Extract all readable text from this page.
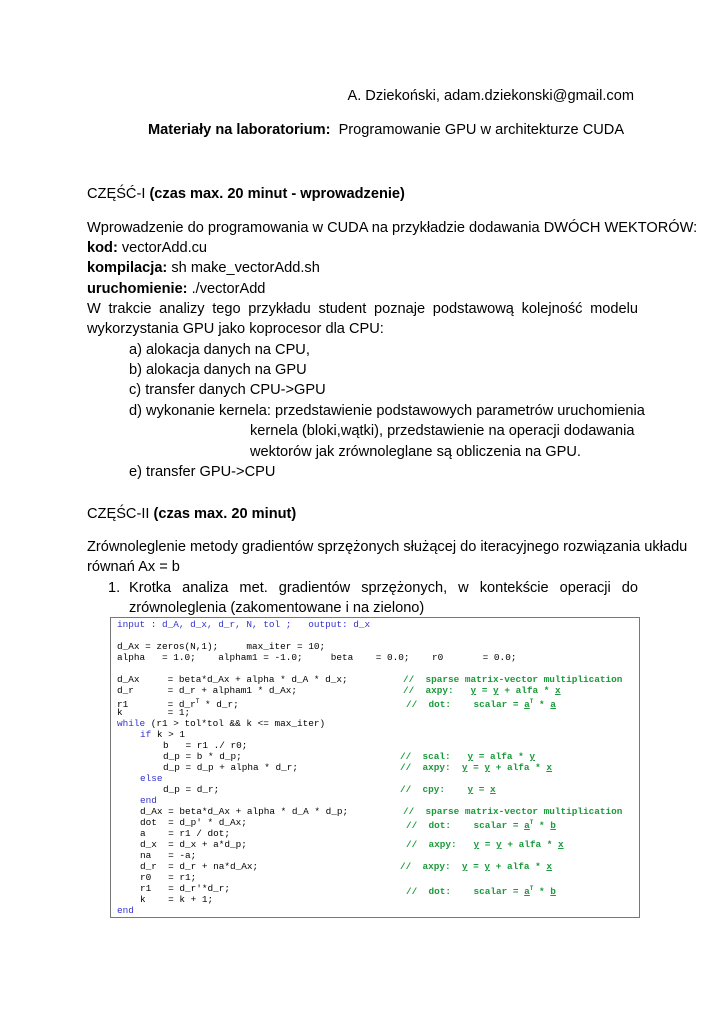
A. Dziekoński, adam.dziekonski@gmail.com
Materiały na laboratorium: Programowanie GPU w architekturze CUDA
CZĘŚĆ-I (czas max. 20 minut - wprowadzenie)
Wprowadzenie do programowania w CUDA na przykładzie dodawania DWÓCH WEKTORÓW:
kod: vectorAdd.cu
kompilacja: sh make_vectorAdd.sh
uruchomienie: ./vectorAdd
W trakcie analizy tego przykładu student poznaje podstawową kolejność modelu
wykorzystania GPU jako koprocesor dla CPU:
a) alokacja danych na CPU,
b) alokacja danych na GPU
c) transfer danych CPU->GPU
d) wykonanie kernela: przedstawienie podstawowych parametrów uruchomienia
kernela (bloki,wątki), przedstawienie na operacji dodawania
wektorów jak zrównoleglane są obliczenia na GPU.
e) transfer GPU->CPU
CZĘŚC-II (czas max. 20 minut)
Zrównoleglenie metody gradientów sprzężonych służącej do iteracyjnego rozwiązania układu
równań Ax = b
1. Krotka analiza met. gradientów sprzężonych, w kontekście operacji do
zrównoleglenia (zakomentowane i na zielono)
input : d_A, d_x, d_r, N, tol ;   output: d_x
d_Ax = zeros(N,1);     max_iter = 10;
alpha   = 1.0;    alpham1 = -1.0;     beta    = 0.0;    r0       = 0.0;
d_Ax     = beta*d_Ax + alpha * d_A * d_x;
d_r      = d_r + alpham1 * d_Ax;
r1       = $d\_r^T$ * d_r;
k        = 1;
while (r1 > tol*tol && k <= max_iter)
if k > 1
b   = r1 ./ r0;
d_p = b * d_p;
d_p = d_p + alpha * d_r;
else
d_p = d_r;
end
d_Ax = beta*d_Ax + alpha * d_A * d_p;
dot  = d_p' * d_Ax;
a    = r1 / dot;
d_x  = d_x + a*d_p;
na   = -a;
d_r  = d_r + na*d_Ax;
r0   = r1;
r1   = d_r'*d_r;
k    = k + 1;
end
//  sparse matrix-vector multiplication
//  axpy:   y = y + alfa * x
//  dot:    scalar = $a^T$ * a
//  scal:   y = alfa * y
//  axpy:  y = y + alfa * x
//  cpy:    y = x
//  sparse matrix-vector multiplication
//  dot:    scalar = $a^T$ * b
//  axpy:   y = y + alfa * x
//  axpy:  y = y + alfa * x
//  dot:    scalar = $a^T$ * b
